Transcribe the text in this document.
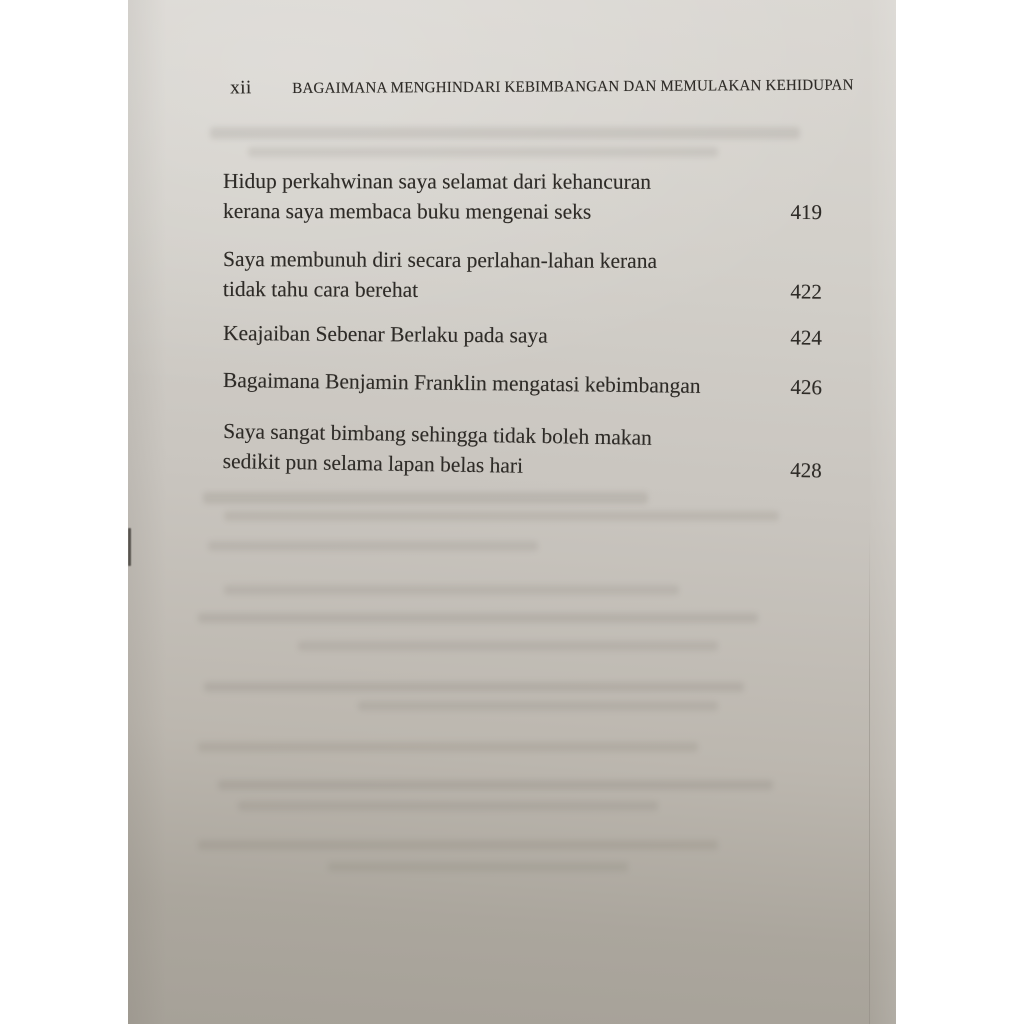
xii	BAGAIMANA MENGHINDARI KEBIMBANGAN DAN MEMULAKAN KEHIDUPAN
Hidup perkahwinan saya selamat dari kehancuran
kerana saya membaca buku mengenai seks	419
Saya membunuh diri secara perlahan-lahan kerana
tidak tahu cara berehat	422
Keajaiban Sebenar Berlaku pada saya	424
Bagaimana Benjamin Franklin mengatasi kebimbangan	426
Saya sangat bimbang sehingga tidak boleh makan
sedikit pun selama lapan belas hari	428
